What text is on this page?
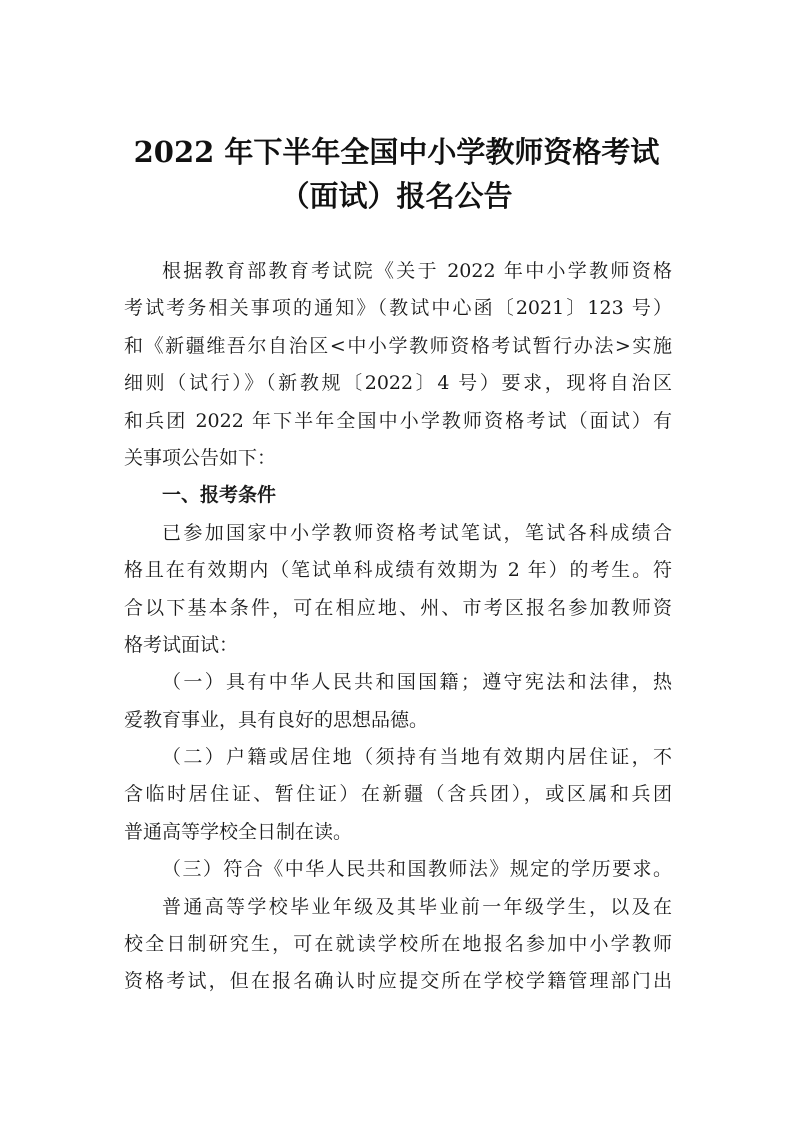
2022 年下半年全国中小学教师资格考试
（面试）报名公告
根据教育部教育考试院《关于 2022 年中小学教师资格
考试考务相关事项的通知》（教试中心函〔2021〕123 号）
和《新疆维吾尔自治区<中小学教师资格考试暂行办法>实施
细则（试行）》（新教规〔2022〕4 号）要求，现将自治区
和兵团 2022 年下半年全国中小学教师资格考试（面试）有
关事项公告如下：
一、报考条件
已参加国家中小学教师资格考试笔试，笔试各科成绩合
格且在有效期内（笔试单科成绩有效期为 2 年）的考生。符
合以下基本条件，可在相应地、州、市考区报名参加教师资
格考试面试：
（一）具有中华人民共和国国籍；遵守宪法和法律，热
爱教育事业，具有良好的思想品德。
（二）户籍或居住地（须持有当地有效期内居住证，不
含临时居住证、暂住证）在新疆（含兵团），或区属和兵团
普通高等学校全日制在读。
（三）符合《中华人民共和国教师法》规定的学历要求。
普通高等学校毕业年级及其毕业前一年级学生，以及在
校全日制研究生，可在就读学校所在地报名参加中小学教师
资格考试，但在报名确认时应提交所在学校学籍管理部门出
